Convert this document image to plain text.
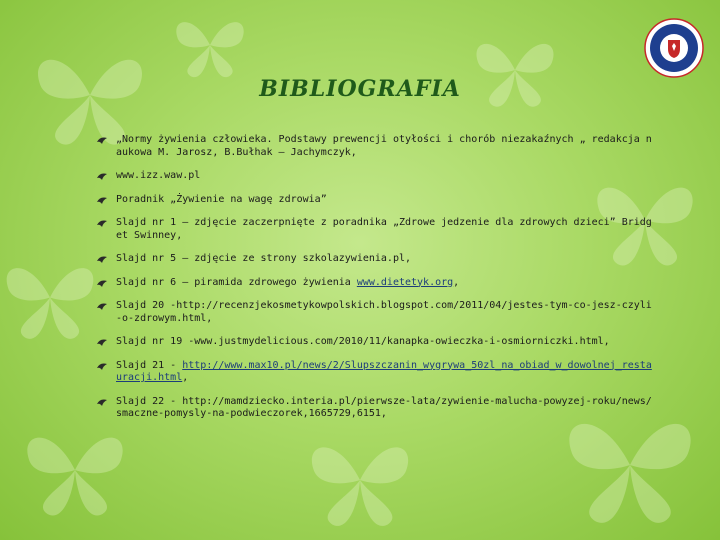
BIBLIOGRAFIA
„Normy żywienia człowieka. Podstawy prewencji otyłości i chorób niezakaźnych „ redakcja naukowa M. Jarosz, B.Bułhak – Jachymczyk,
www.izz.waw.pl
Poradnik „Żywienie na wagę zdrowia”
Slajd nr 1 – zdjęcie zaczerpnięte z poradnika „Zdrowe jedzenie dla zdrowych dzieci” Bridget Swinney,
Slajd nr 5 – zdjęcie ze strony szkolazywienia.pl,
Slajd nr 6 – piramida zdrowego żywienia www.dietetyk.org,
Slajd 20 -http://recenzjekosmetykowpolskich.blogspot.com/2011/04/jestes-tym-co-jesz-czyli-o-zdrowym.html,
Slajd nr 19 -www.justmydelicious.com/2010/11/kanapka-owieczka-i-osmiorniczki.html,
Slajd 21 - http://www.max10.pl/news/2/Slupszczanin_wygrywa_50zl_na_obiad_w_dowolnej_restauracji.html,
Slajd 22 - http://mamdziecko.interia.pl/pierwsze-lata/zywienie-malucha-powyzej-roku/news/smaczne-pomysly-na-podwieczorek,1665729,6151,
